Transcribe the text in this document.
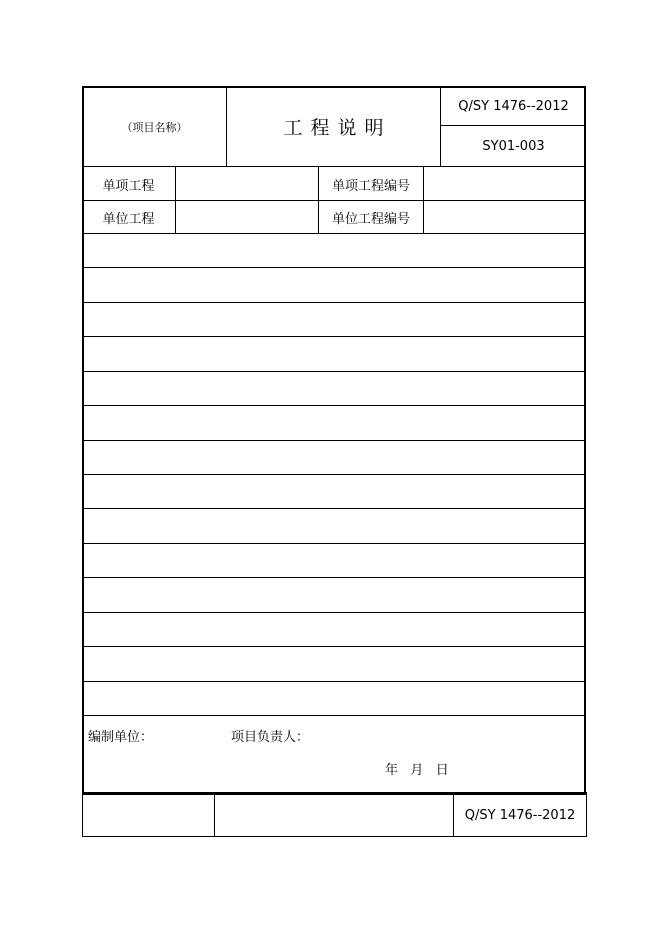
（项目名称）	工 程 说 明
Q/SY 1476--2012
SY01-003
单项工程	单项工程编号
单位工程	单位工程编号
编制单位：	项目负责人：
年   月   日
Q/SY 1476--2012
